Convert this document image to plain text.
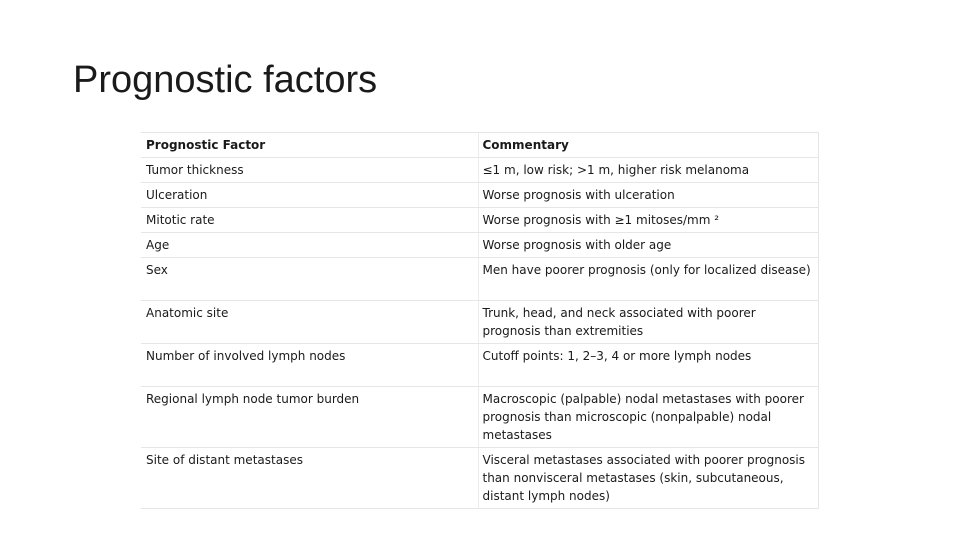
Prognostic factors
Prognostic Factor	Commentary
Tumor thickness	≤1 m, low risk; >1 m, higher risk melanoma
Ulceration	Worse prognosis with ulceration
Mitotic rate	Worse prognosis with ≥1 mitoses/mm ²
Age	Worse prognosis with older age
Sex	Men have poorer prognosis (only for localized disease)
Anatomic site	Trunk, head, and neck associated with poorer prognosis than extremities
Number of involved lymph nodes	Cutoff points: 1, 2–3, 4 or more lymph nodes
Regional lymph node tumor burden	Macroscopic (palpable) nodal metastases with poorer prognosis than microscopic (nonpalpable) nodal metastases
Site of distant metastases	Visceral metastases associated with poorer prognosis than nonvisceral metastases (skin, subcutaneous, distant lymph nodes)
